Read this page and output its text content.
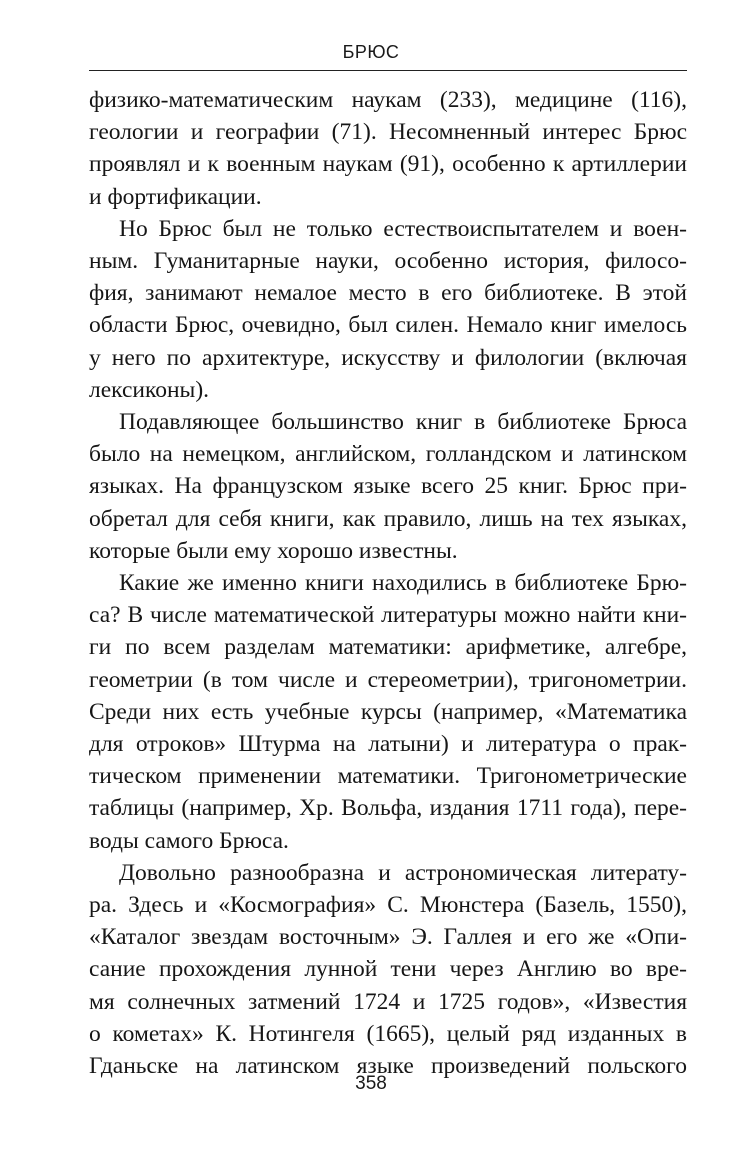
БРЮС
физико-математическим наукам (233), медицине (116),
геологии и географии (71). Несомненный интерес Брюс
проявлял и к военным наукам (91), особенно к артиллерии
и фортификации.
Но Брюс был не только естествоиспытателем и воен-
ным. Гуманитарные науки, особенно история, филосо-
фия, занимают немалое место в его библиотеке. В этой
области Брюс, очевидно, был силен. Немало книг имелось
у него по архитектуре, искусству и филологии (включая
лексиконы).
Подавляющее большинство книг в библиотеке Брюса
было на немецком, английском, голландском и латинском
языках. На французском языке всего 25 книг. Брюс при-
обретал для себя книги, как правило, лишь на тех языках,
которые были ему хорошо известны.
Какие же именно книги находились в библиотеке Брю-
са? В числе математической литературы можно найти кни-
ги по всем разделам математики: арифметике, алгебре,
геометрии (в том числе и стереометрии), тригонометрии.
Среди них есть учебные курсы (например, «Математика
для отроков» Штурма на латыни) и литература о прак-
тическом применении математики. Тригонометрические
таблицы (например, Хр. Вольфа, издания 1711 года), пере-
воды самого Брюса.
Довольно разнообразна и астрономическая литерату-
ра. Здесь и «Космография» С. Мюнстера (Базель, 1550),
«Каталог звездам восточным» Э. Галлея и его же «Опи-
сание прохождения лунной тени через Англию во вре-
мя солнечных затмений 1724 и 1725 годов», «Известия
о кометах» К. Нотингеля (1665), целый ряд изданных в
Гданьске на латинском языке произведений польского
358
